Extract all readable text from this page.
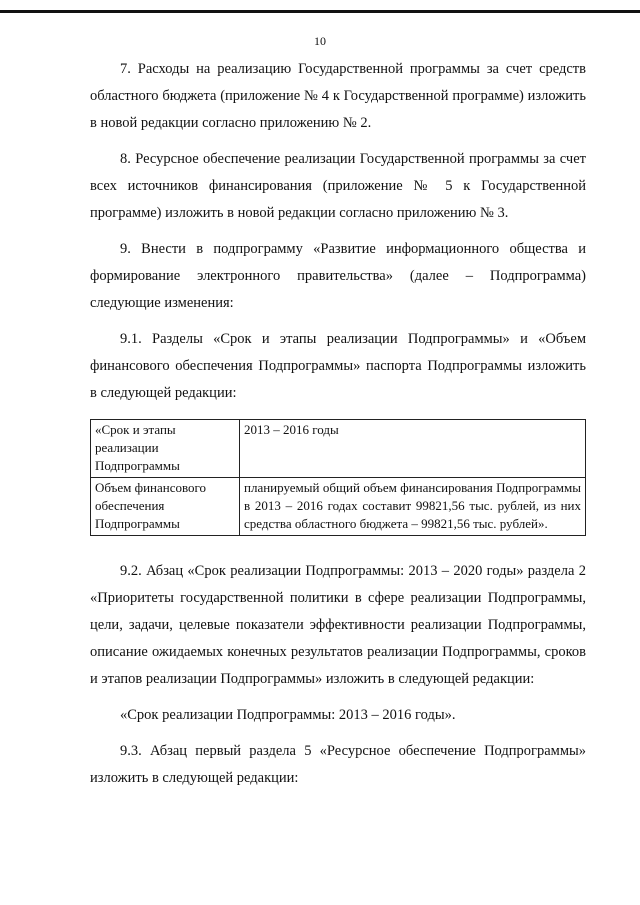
10

7. Расходы на реализацию Государственной программы за счет средств областного бюджета (приложение № 4 к Государственной программе) изложить в новой редакции согласно приложению № 2.

8. Ресурсное обеспечение реализации Государственной программы за счет всех источников финансирования (приложение № 5 к Государственной программе) изложить в новой редакции согласно приложению № 3.

9. Внести в подпрограмму «Развитие информационного общества и формирование электронного правительства» (далее – Подпрограмма) следующие изменения:

9.1. Разделы «Срок и этапы реализации Подпрограммы» и «Объем финансового обеспечения Подпрограммы» паспорта Подпрограммы изложить в следующей редакции:

«Срок и этапы реализации Подпрограммы	2013 – 2016 годы
Объем финансового обеспечения Подпрограммы	планируемый общий объем финансирования Подпрограммы в 2013 – 2016 годах составит 99821,56 тыс. рублей, из них средства областного бюджета – 99821,56 тыс. рублей».

9.2. Абзац «Срок реализации Подпрограммы: 2013 – 2020 годы» раздела 2 «Приоритеты государственной политики в сфере реализации Подпрограммы, цели, задачи, целевые показатели эффективности реализации Подпрограммы, описание ожидаемых конечных результатов реализации Подпрограммы, сроков и этапов реализации Подпрограммы» изложить в следующей редакции:

«Срок реализации Подпрограммы: 2013 – 2016 годы».

9.3. Абзац первый раздела 5 «Ресурсное обеспечение Подпрограммы» изложить в следующей редакции:
